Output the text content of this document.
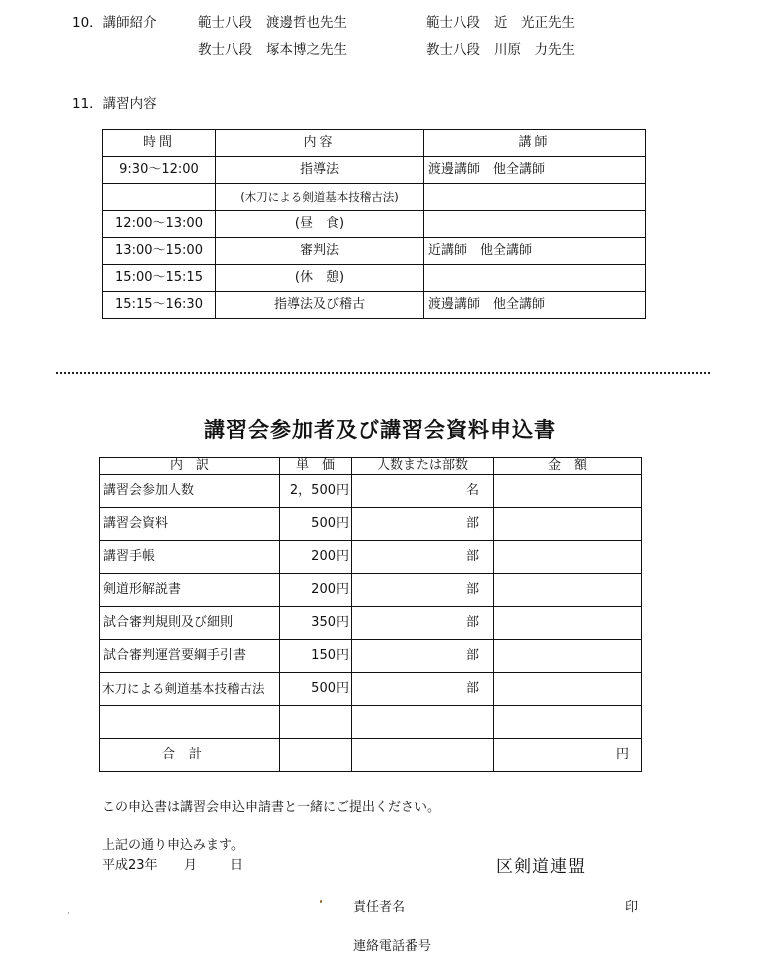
10．講師紹介	範士八段 渡邊哲也先生	範士八段 近　光正先生
教士八段 塚本博之先生	教士八段 川原　力先生
11．講習内容
時間	内容	講師
9:30～12:00	指導法	渡邊講師　他全講師
	(木刀による剣道基本技稽古法)	
12:00～13:00	(昼　食)	
13:00～15:00	審判法	近講師　他全講師
15:00～15:15	(休　憩)	
15:15～16:30	指導法及び稽古	渡邊講師　他全講師
講習会参加者及び講習会資料申込書
内　訳	単　価	人数または部数	金　額
講習会参加人数	2，500円	名	
講習会資料	500円	部	
講習手帳	200円	部	
剣道形解説書	200円	部	
試合審判規則及び細則	350円	部	
試合審判運営要綱手引書	150円	部	
木刀による剣道基本技稽古法	500円	部	

合計			円
この申込書は講習会申込申請書と一緒にご提出ください。
上記の通り申込みます。
平成23年 月	日	区剣道連盟
責任者名	印
連絡電話番号
